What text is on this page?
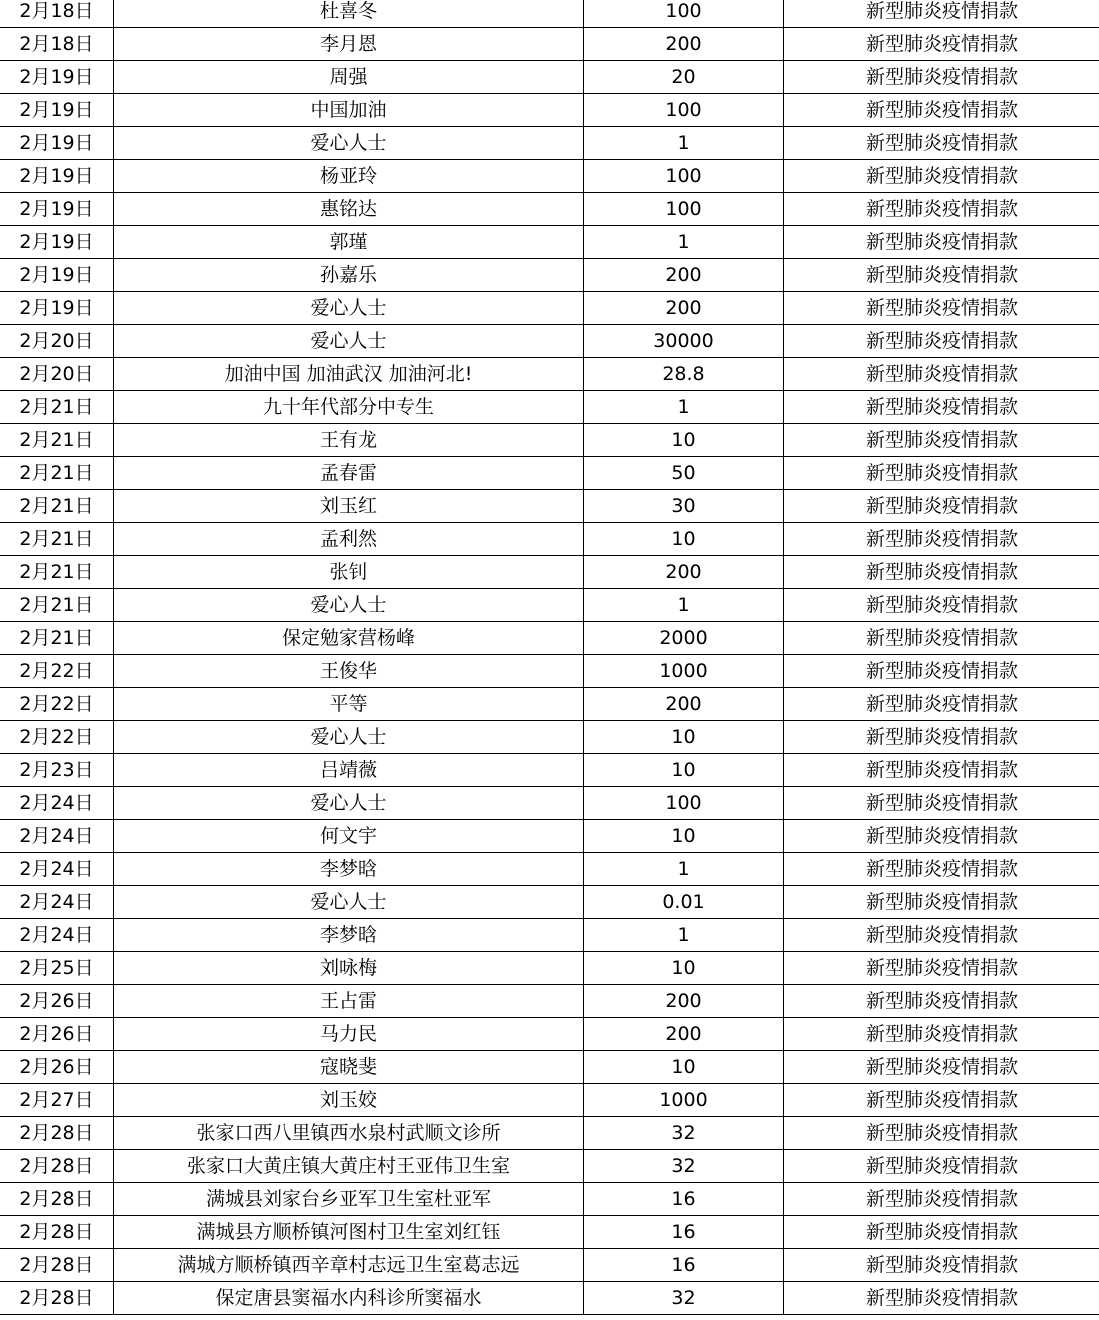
2月18日	杜喜冬	100	新型肺炎疫情捐款
2月18日	李月恩	200	新型肺炎疫情捐款
2月19日	周强	20	新型肺炎疫情捐款
2月19日	中国加油	100	新型肺炎疫情捐款
2月19日	爱心人士	1	新型肺炎疫情捐款
2月19日	杨亚玲	100	新型肺炎疫情捐款
2月19日	惠铭达	100	新型肺炎疫情捐款
2月19日	郭瑾	1	新型肺炎疫情捐款
2月19日	孙嘉乐	200	新型肺炎疫情捐款
2月19日	爱心人士	200	新型肺炎疫情捐款
2月20日	爱心人士	30000	新型肺炎疫情捐款
2月20日	加油中国 加油武汉 加油河北!	28.8	新型肺炎疫情捐款
2月21日	九十年代部分中专生	1	新型肺炎疫情捐款
2月21日	王有龙	10	新型肺炎疫情捐款
2月21日	孟春雷	50	新型肺炎疫情捐款
2月21日	刘玉红	30	新型肺炎疫情捐款
2月21日	孟利然	10	新型肺炎疫情捐款
2月21日	张钊	200	新型肺炎疫情捐款
2月21日	爱心人士	1	新型肺炎疫情捐款
2月21日	保定勉家营杨峰	2000	新型肺炎疫情捐款
2月22日	王俊华	1000	新型肺炎疫情捐款
2月22日	平等	200	新型肺炎疫情捐款
2月22日	爱心人士	10	新型肺炎疫情捐款
2月23日	吕靖薇	10	新型肺炎疫情捐款
2月24日	爱心人士	100	新型肺炎疫情捐款
2月24日	何文宇	10	新型肺炎疫情捐款
2月24日	李梦晗	1	新型肺炎疫情捐款
2月24日	爱心人士	0.01	新型肺炎疫情捐款
2月24日	李梦晗	1	新型肺炎疫情捐款
2月25日	刘咏梅	10	新型肺炎疫情捐款
2月26日	王占雷	200	新型肺炎疫情捐款
2月26日	马力民	200	新型肺炎疫情捐款
2月26日	寇晓斐	10	新型肺炎疫情捐款
2月27日	刘玉姣	1000	新型肺炎疫情捐款
2月28日	张家口西八里镇西水泉村武顺文诊所	32	新型肺炎疫情捐款
2月28日	张家口大黄庄镇大黄庄村王亚伟卫生室	32	新型肺炎疫情捐款
2月28日	满城县刘家台乡亚军卫生室杜亚军	16	新型肺炎疫情捐款
2月28日	满城县方顺桥镇河图村卫生室刘红钰	16	新型肺炎疫情捐款
2月28日	满城方顺桥镇西辛章村志远卫生室葛志远	16	新型肺炎疫情捐款
2月28日	保定唐县窦福水内科诊所窦福水	32	新型肺炎疫情捐款
